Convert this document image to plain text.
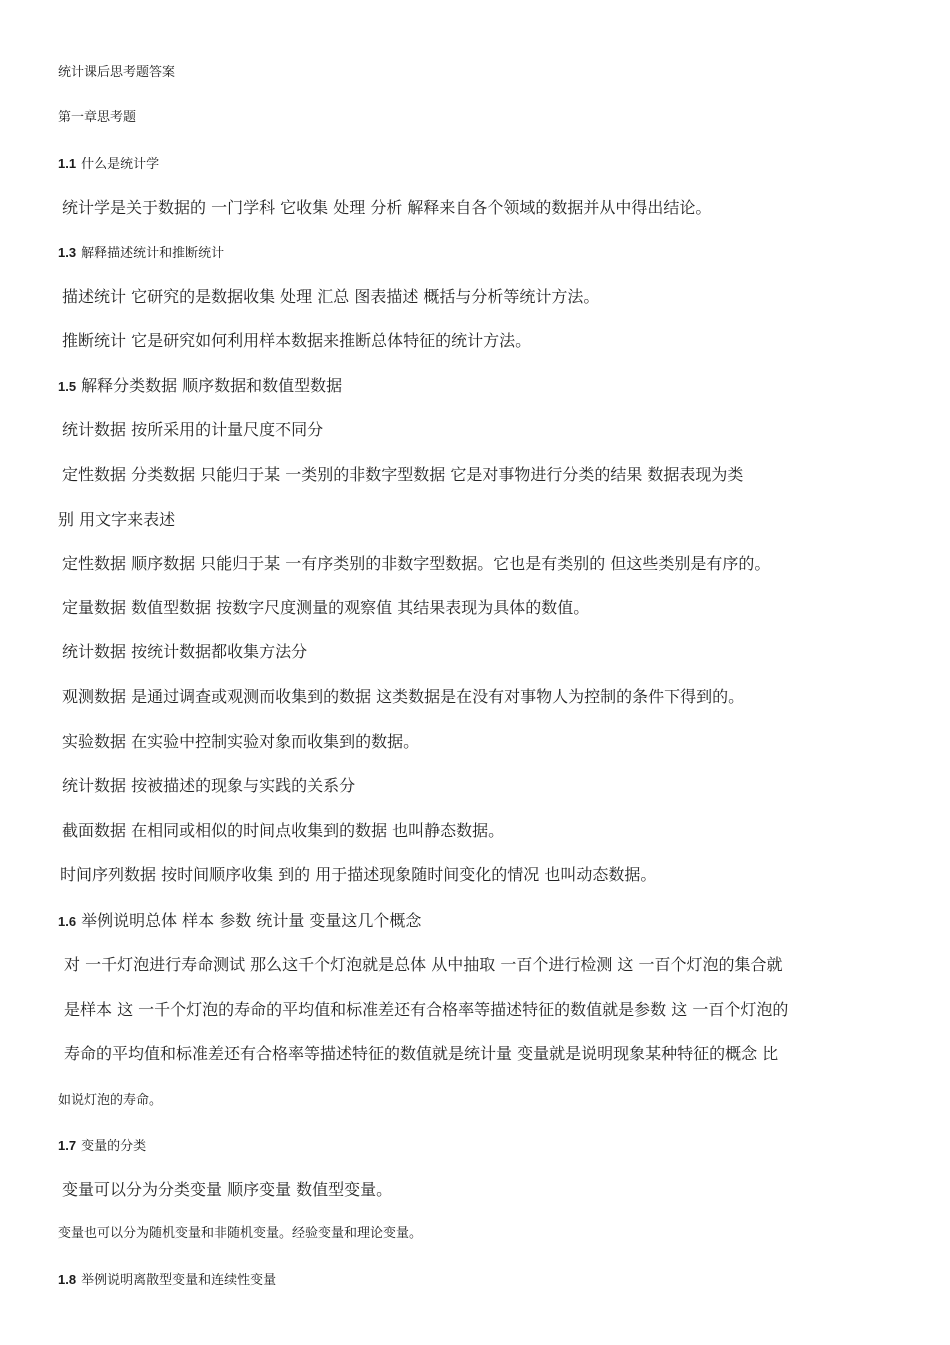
统计课后思考题答案
第一章思考题
1.1 什么是统计学
统计学是关于数据的 一门学科 它收集 处理 分析 解释来自各个领域的数据并从中得出结论。
1.3 解释描述统计和推断统计
描述统计 它研究的是数据收集 处理 汇总 图表描述 概括与分析等统计方法。
推断统计 它是研究如何利用样本数据来推断总体特征的统计方法。
1.5 解释分类数据 顺序数据和数值型数据
统计数据 按所采用的计量尺度不同分
定性数据 分类数据 只能归于某 一类别的非数字型数据 它是对事物进行分类的结果 数据表现为类
别 用文字来表述
定性数据 顺序数据 只能归于某 一有序类别的非数字型数据。它也是有类别的 但这些类别是有序的。
定量数据 数值型数据 按数字尺度测量的观察值 其结果表现为具体的数值。
统计数据 按统计数据都收集方法分
观测数据 是通过调查或观测而收集到的数据 这类数据是在没有对事物人为控制的条件下得到的。
实验数据 在实验中控制实验对象而收集到的数据。
统计数据 按被描述的现象与实践的关系分
截面数据 在相同或相似的时间点收集到的数据 也叫静态数据。
时间序列数据 按时间顺序收集 到的 用于描述现象随时间变化的情况 也叫动态数据。
1.6 举例说明总体 样本 参数 统计量 变量这几个概念
对 一千灯泡进行寿命测试 那么这千个灯泡就是总体 从中抽取 一百个进行检测 这 一百个灯泡的集合就
是样本 这 一千个灯泡的寿命的平均值和标准差还有合格率等描述特征的数值就是参数 这 一百个灯泡的
寿命的平均值和标准差还有合格率等描述特征的数值就是统计量 变量就是说明现象某种特征的概念 比
如说灯泡的寿命。
1.7 变量的分类
变量可以分为分类变量 顺序变量 数值型变量。
变量也可以分为随机变量和非随机变量。经验变量和理论变量。
1.8 举例说明离散型变量和连续性变量
